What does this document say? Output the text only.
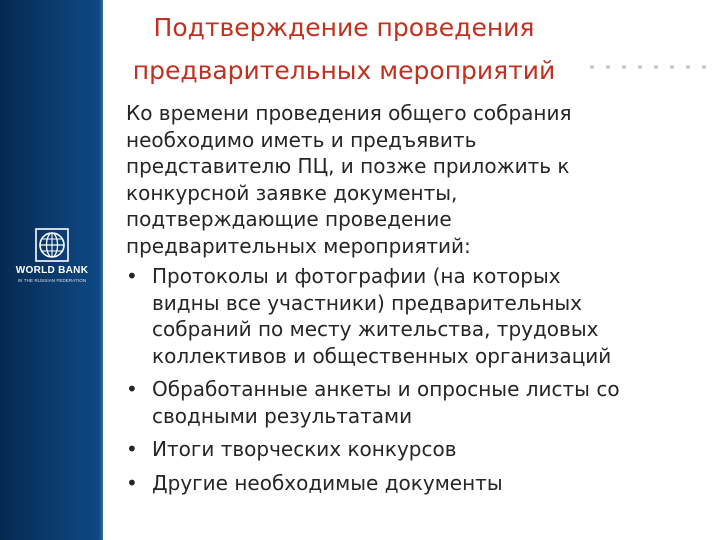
WORLD BANK
IN THE RUSSIAN FEDERATION
Подтверждение проведения
предварительных мероприятий

Ко времени проведения общего собрания
необходимо иметь и предъявить
представителю ПЦ, и позже приложить к
конкурсной заявке документы,
подтверждающие проведение
предварительных мероприятий:

• Протоколы и фотографии (на которых
видны все участники) предварительных
собраний по месту жительства, трудовых
коллективов и общественных организаций
• Обработанные анкеты и опросные листы со
сводными результатами
• Итоги творческих конкурсов
• Другие необходимые документы
